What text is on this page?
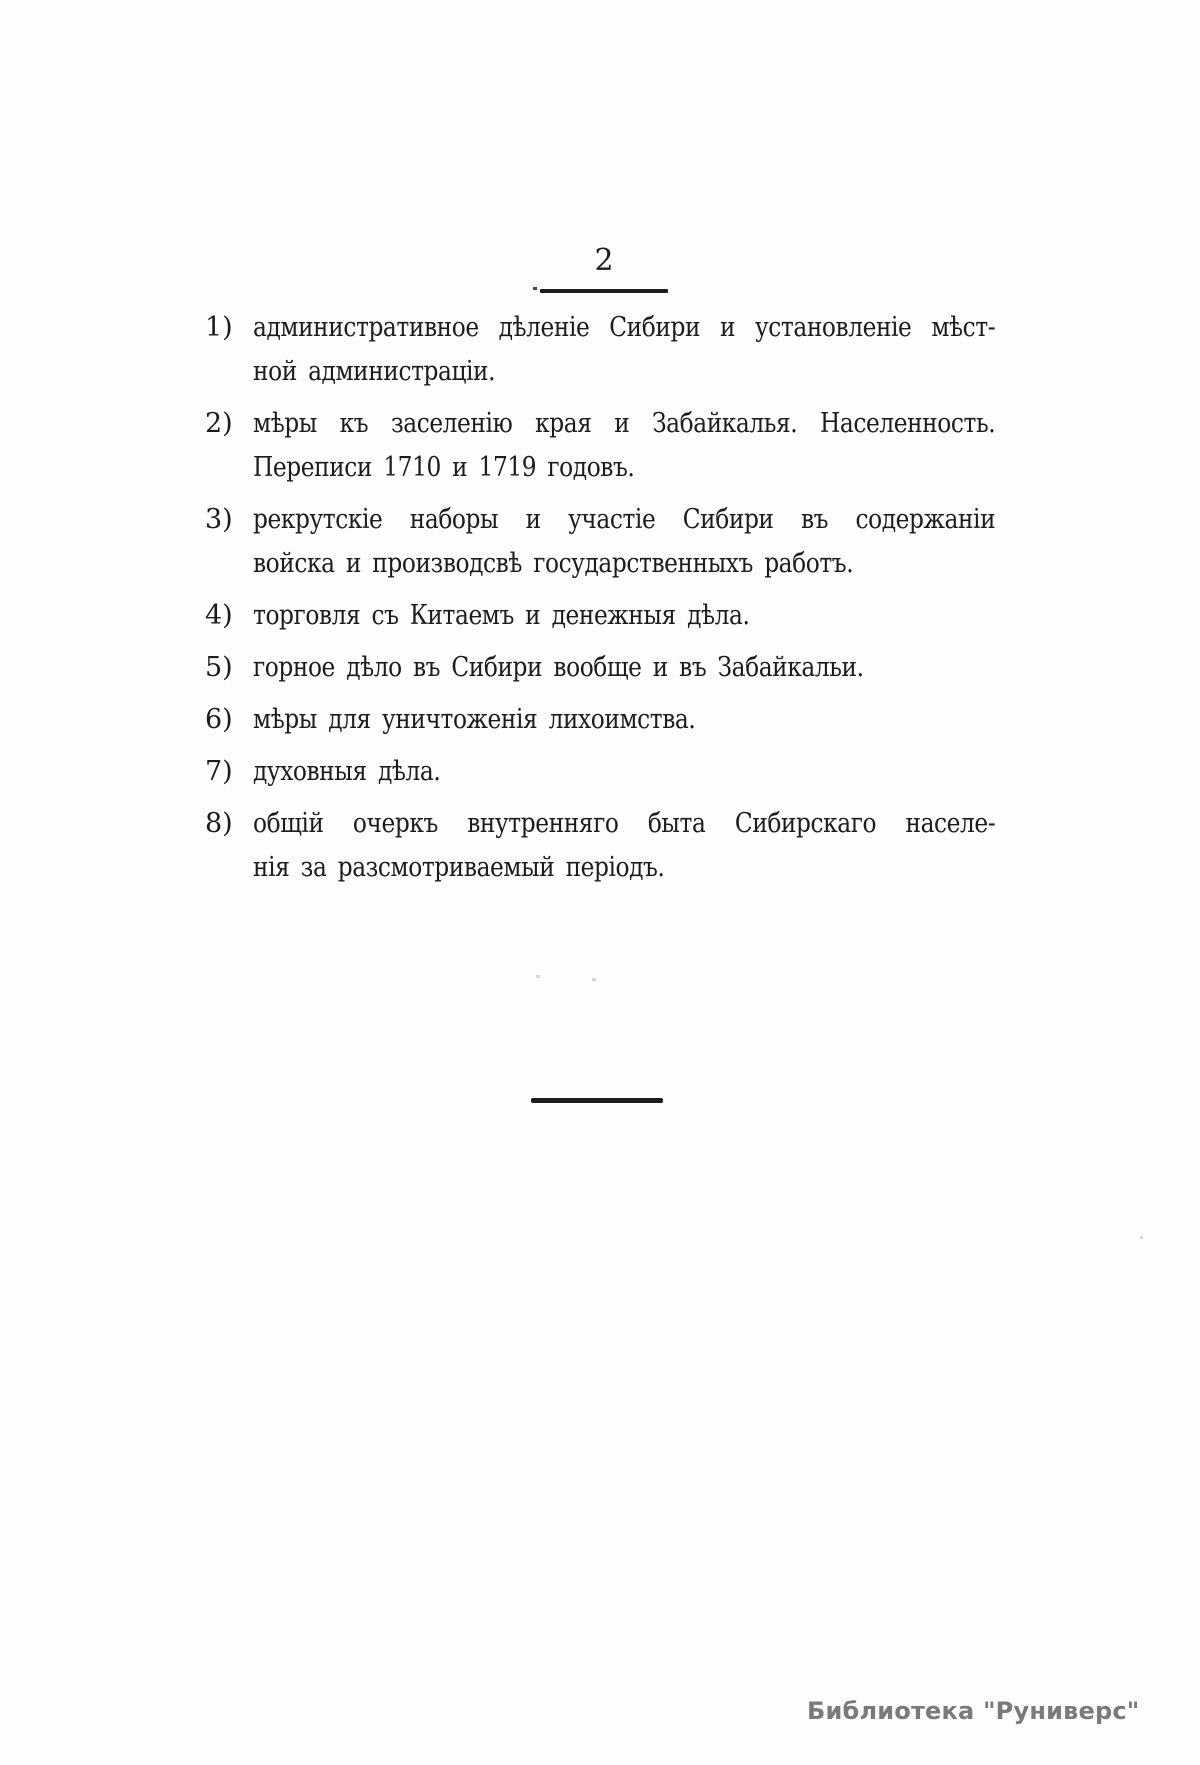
2
1) административное дѣленіе Сибири и установленіе мѣст-
ной администраціи.
2) мѣры къ заселенію края и Забайкалья. Населенность.
Переписи 1710 и 1719 годовъ.
3) рекрутскіе наборы и участіе Сибири въ содержаніи
войска и производсвѣ государственныхъ работъ.
4) торговля съ Китаемъ и денежныя дѣла.
5) горное дѣло въ Сибири вообще и въ Забайкальи.
6) мѣры для уничтоженія лихоимства.
7) духовныя дѣла.
8) общій очеркъ внутренняго быта Сибирскаго населе-
нія за разсмотриваемый періодъ.
Библиотека "Руниверс"
